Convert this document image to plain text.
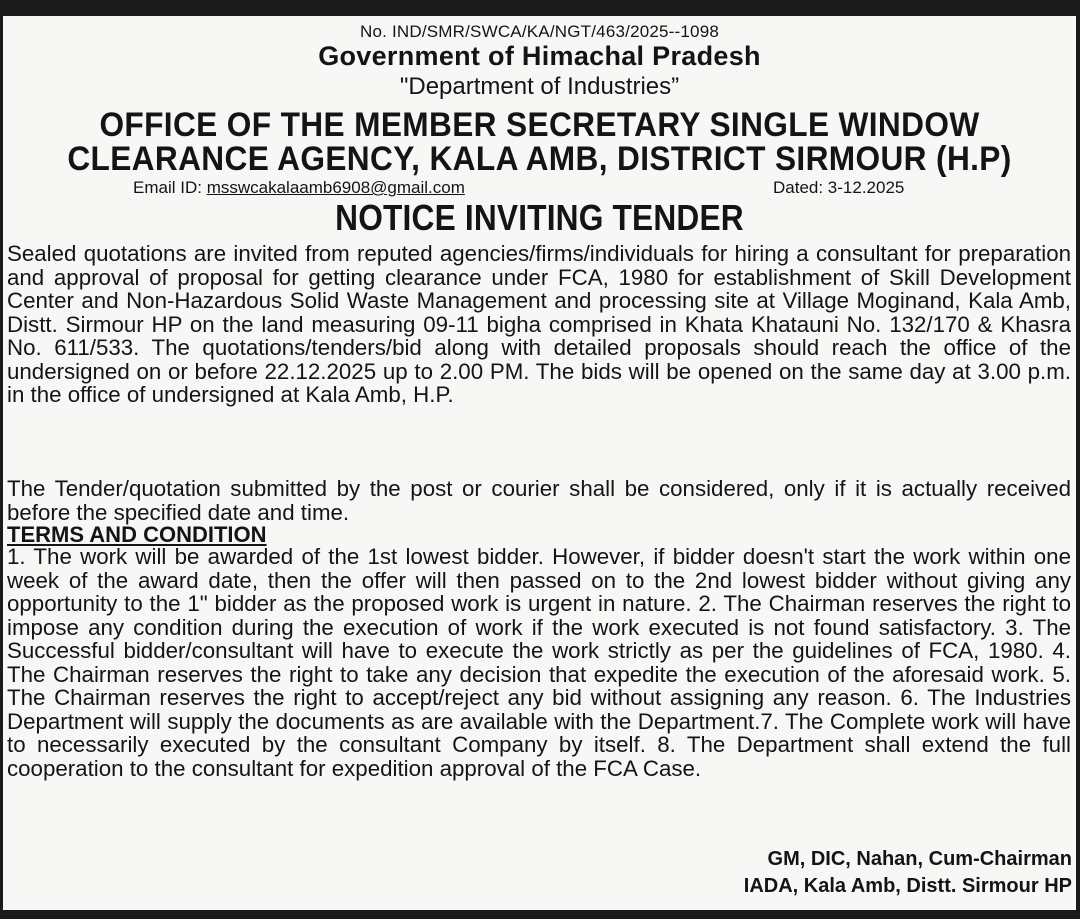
No. IND/SMR/SWCA/KA/NGT/463/2025--1098
Government of Himachal Pradesh
"Department of Industries”
OFFICE OF THE MEMBER SECRETARY SINGLE WINDOW
CLEARANCE AGENCY, KALA AMB, DISTRICT SIRMOUR (H.P)
Email ID: msswcakalaamb6908@gmail.com	Dated: 3-12.2025
NOTICE INVITING TENDER

Sealed quotations are invited from reputed agencies/firms/individuals for hiring a consultant for preparation and approval of proposal for getting clearance under FCA, 1980 for establishment of Skill Development Center and Non-Hazardous Solid Waste Management and processing site at Village Moginand, Kala Amb, Distt. Sirmour HP on the land measuring 09-11 bigha comprised in Khata Khatauni No. 132/170 & Khasra No. 611/533. The quotations/tenders/bid along with detailed proposals should reach the office of the undersigned on or before 22.12.2025 up to 2.00 PM. The bids will be opened on the same day at 3.00 p.m. in the office of undersigned at Kala Amb, H.P.

The Tender/quotation submitted by the post or courier shall be considered, only if it is actually received before the specified date and time.

TERMS AND CONDITION

1. The work will be awarded of the 1st lowest bidder. However, if bidder doesn't start the work within one week of the award date, then the offer will then passed on to the 2nd lowest bidder without giving any opportunity to the 1" bidder as the proposed work is urgent in nature. 2. The Chairman reserves the right to impose any condition during the execution of work if the work executed is not found satisfactory. 3. The Successful bidder/consultant will have to execute the work strictly as per the guidelines of FCA, 1980. 4. The Chairman reserves the right to take any decision that expedite the execution of the aforesaid work. 5. The Chairman reserves the right to accept/reject any bid without assigning any reason. 6. The Industries Department will supply the documents as are available with the Department.7. The Complete work will have to necessarily executed by the consultant Company by itself. 8. The Department shall extend the full cooperation to the consultant for expedition approval of the FCA Case.

GM, DIC, Nahan, Cum-Chairman
IADA, Kala Amb, Distt. Sirmour HP
